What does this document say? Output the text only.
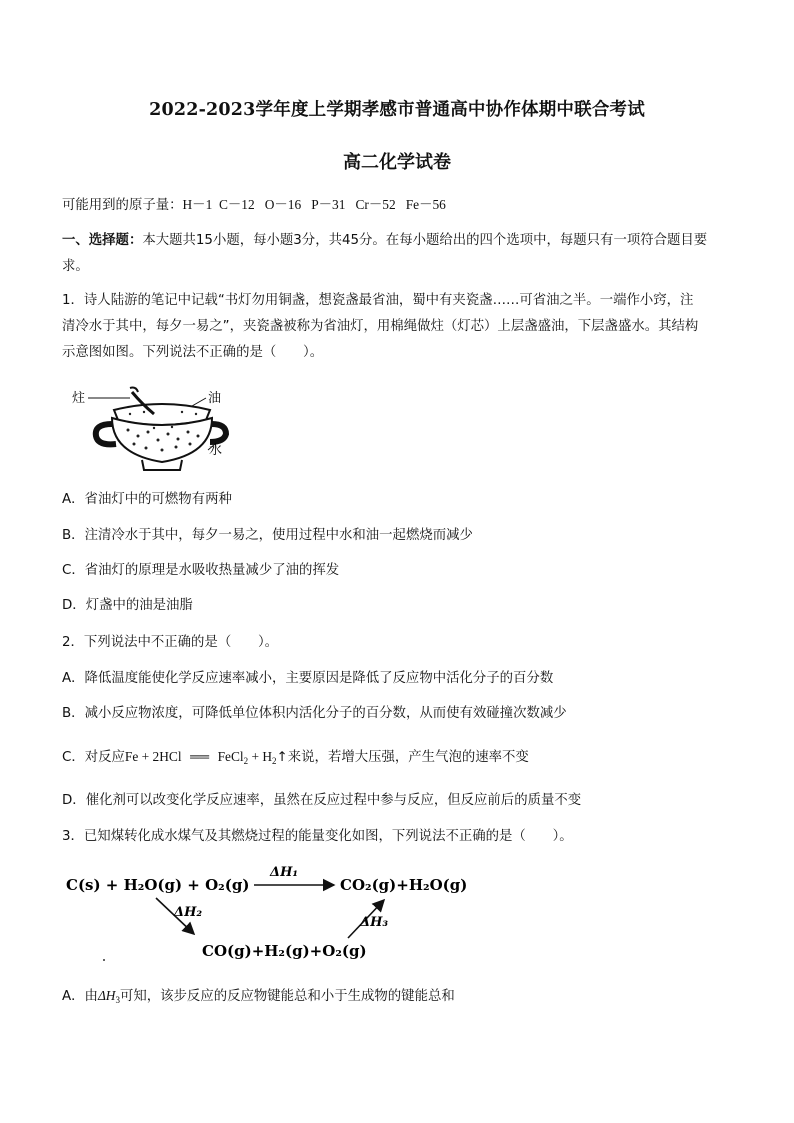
2022-2023学年度上学期孝感市普通高中协作体期中联合考试
高二化学试卷
可能用到的原子量：H－1  C－12   O－16   P－31   Cr－52   Fe－56
一、选择题：本大题共15小题，每小题3分，共45分。在每小题给出的四个选项中，每题只有一项符合题目要求。
1．诗人陆游的笔记中记载“书灯勿用铜盏，想瓷盏最省油，蜀中有夹瓷盏……可省油之半。一端作小窍，注
清冷水于其中，每夕一易之”，夹瓷盏被称为省油灯，用棉绳做炷（灯芯）上层盏盛油，下层盏盛水。其结构
示意图如图。下列说法不正确的是（　　）。
炷	油
水
A．省油灯中的可燃物有两种
B．注清冷水于其中，每夕一易之，使用过程中水和油一起燃烧而减少
C．省油灯的原理是水吸收热量减少了油的挥发
D．灯盏中的油是油脂
2．下列说法中不正确的是（　　）。
A．降低温度能使化学反应速率减小，主要原因是降低了反应物中活化分子的百分数
B．减小反应物浓度，可降低单位体积内活化分子的百分数，从而使有效碰撞次数减少
C．对反应Fe + 2HCl ══ FeCl$_2$ + $H_2↑$来说，若增大压强，产生气泡的速率不变
D．催化剂可以改变化学反应速率，虽然在反应过程中参与反应，但反应前后的质量不变
3．已知煤转化成水煤气及其燃烧过程的能量变化如图，下列说法不正确的是（　　）。
C(s) + H₂O(g) + O₂(g)	CO₂(g)+H₂O(g)
CO(g)+H₂(g)+O₂(g)
ΔH₁
ΔH₂
ΔH₃
A．由$\Delta H_3$可知，该步反应的反应物键能总和小于生成物的键能总和
